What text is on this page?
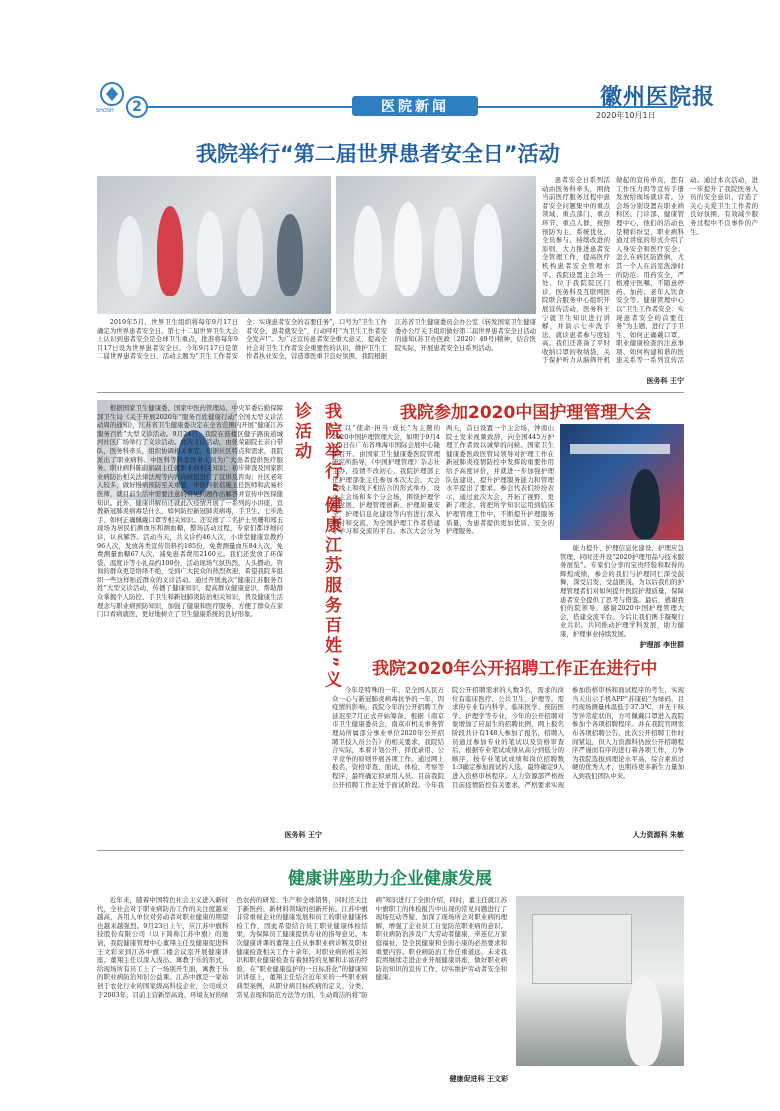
SHOSH 2	医院新闻	徽州医院报
2020年10月1日
我院举行“第二届世界患者安全日”活动
2019年5月，世界卫生组织将每年9月17日确定为世界患者安全日。第七十二届世界卫生大会上认识到患者安全是全球卫生重点，批准将每年9月17日设为世界患者安全日。今年9月17日是第二届世界患者安全日，活动主题为“卫生工作者安全：实现患者安全的首要任务”，口号为“卫生工作者安全，患者就安全”，行动呼吁“为卫生工作者安全发声!”。为广泛宣传患者安全重大意义，提高全社会对卫生工作者安全重要性的认识，维护卫生工作者执业安全，营造尊医重卫良好氛围，我院根据江苏省卫生健康委员会办公室《转发国家卫生健康委办公厅关于组织做好第二届世界患者安全日活动的通知(苏卫办医政〔2020〕49号)精神，结合医院实际，开展患者安全日系列活动。
患者安全日系列活动由医务科牵头，围绕当前医疗服务过程中患者安全问题集中的重点领域、重点部门、重点环节、重点人群，按照预防为主、系统优化、全员参与、持续改进的原则，大力推进患者安全管理工作，提高医疗机构患者安全管理水平。我院设置主会场一处，位于我院院区门诊，医务科及互联网医院联合服务中心组织开展宣传活动，医务科王宁就卫生知识进行讲解，并演示七步洗手法，就诊患者参与度较高。我们还准备了平时收纳口罩的收纳袋，关于保护听力从脑筛开机做起的宣传单页，您有工作压力吗等宣传手册发放给现场就诊者。分会场分别设置在职业病科区、门诊部、健康管理中心，他们的活动也是精彩纷呈，职业病科通过讲座的形式介绍了人身安全和医疗安全；怎么在病区防跌倒，尤其一个人在浴室洗澡时的防范；用药安全，严格遵守医嘱，不随意停药、加药；老年人饮食安全等。健康管理中心以“卫生工作者安全：实现患者安全的首要任务”为主题，进行了手卫生、如何正确戴口罩、职业健康检查的注意事项、如何构建和谐的医患关系等一系列宣传活动。通过本次活动，进一步提升了我院医务人员的安全意识，营造了关心关爱卫生工作者的良好氛围，有效减少服务过程中不良事件的产生。
医务科 王宁
根据国家卫生健康委、国家中医药管理局、中央军委后勤保障部卫生局《关于开展2020年“服务百姓健康行动”全国大型义诊活动周的通知》，江苏省卫生健康委决定在全省范围内开展“健康江苏服务百姓”大型义诊活动。9月24日，我院在鼓楼区健子路街道城河社区广场举行了义诊活动。此次义诊活动，由张荣副院长亲自带队，医务科牵头，组织协调相关事宜。根据社区特点和需求，我院派出了职业病科、中医科等科室医务人员为广大患者提供医疗服务。职业病科陈蔚娟副主任就职业病相关知识、初步筛查及国家职业病防治相关法律法规等内容向居民进行了宣讲及咨询；社区老年人较多，做好慢病预防至关重要，中医科张蓓施主任医师和武易杉医师，就目前生活中需要注意的常见问题作出解答并宣传中医保健知识。此外，健康讲解员还就此次疫情开展了一系列的小讲座，宣教新冠肺炎病毒是什么，如何防控新冠肺炎病毒，手卫生、七步洗手、如何正确佩戴口罩等相关知识。还安排了二名护士吴珊和郑玉现场为居民们测血压和测血糖，整场活动过程，专家们都详细问诊，认真解答。活动当天，共义诊约46人次，小讲堂健康宣教约96人次，发放各类宣传资料约185份，免费测量血压84人次，免费测量血糖67人次，减免患者费用2160元。我们还发放了环保袋、温度计等小礼品约100份，活动现场气氛热烈，人头攒动，咨询的群众更是络绎不绝，受到广大民众的热烈欢迎，希望我院多组织一些这样贴近群众的义诊活动。通过开展此次“健康江苏服务百姓”大型义诊活动，传播了健康知识，提高群众健康意识，帮助群众掌握个人防控、手卫生和新冠肺炎防治相关知识，普及健康生活理念与职业病预防知识，加强了健康和医疗服务，方便了群众在家门口看病就医，更好地树立了卫生健康系统的良好形象。	我院举行“健康江苏服务百姓”义诊活动
医务科 王宁
我院参加2020中国护理管理大会
以“使命·担当·成长”为主题的2020中国护理管理大会，如期于9月4～5日在广东省珠海市国际会展中心隆重召开。由国家卫生健康委医院管理研究所指导，《中国护理管理》杂志社主办，疫情不改初心，我院护理部主任护理部张主任参加本次大会。大会以线上和线下相结合的形式举办，设立主会场和多个分会场，围绕护理学科发展、护理管理创新、护理质量安全、护理信息化建设等内容进行深入研讨和交流，为全国护理工作者搭建了学习和交流的平台。本次大会分为两天，首日设置一个主会场，钟南山院士发来视频致辞，向全国445万护理工作者致以诚挚的问候。国家卫生健康委医政医管局领导对护理工作在新冠肺炎疫情防控中发挥的重要作用给予高度评价，并就进一步加强护理队伍建设、提升护理服务能力和管理水平提出了要求。参会代表们纷纷表示，通过此次大会，开拓了视野，更新了理念，将把所学知识运用到临床护理管理工作中，不断提升护理服务质量，为患者提供更加优质、安全的护理服务。
能力提升、护理信息化建设、护理应急管理、同时还开设“2020护理用品与技术服务展览”。专家们分享的宝贵经验和取得的辉煌成绩，参会的我们与护理同仁深受鼓舞，深受启发，受益匪浅。为以后我们的护理管理者们对如何提升医院护理质量，保障患者安全提供了思考与借鉴。最后，感谢我们的院领导，感谢2020中国护理管理大会，搭建交流平台。今后让我们携手凝聚行业共识，共同推动护理学科发展，助力健康，护理事业持续发展。
护理部 李世群
我院2020年公开招聘工作正在进行中
今年是特殊的一年，是全国人民万众一心与新冠肺炎病毒抗争的一年，因疫情的影响，我院今年的公开招聘工作延迟至7月正式开始筹备。根据《南京市卫生健康委员会，南京市机关事务管理局所属部分事业单位2020年公开招聘卫技人员公告》的相关要求，我院结合实际，本着计划公开、择优录用、公平竞争的原则开展各项工作。通过网上报名、资格审查、面试、体检、考察等程序，最终确定拟录用人员。目前我院公开招聘工作正处于面试阶段。今年我院公开招聘需求的人数3名，需求的岗位有临床医疗、公共卫生、护理等。需求的专业有内科学、临床医学、预防医学、护理学等专业，今年的公开招聘对象增加了应届生的招聘比例，网上报名阶段共计有148人参加了报名，招聘人员通过参加专业的笔试以及资格审查后，根据专业笔试成绩从高分到低分的顺序，按专业笔试成绩和岗位招聘数1:3确定参加面试的人选，最终确定9人进入资格审核程序。人力资源部严格按目前疫情防控有关要求，严格要求实现参加资格审核和面试程序的考生，实现当天出示手机APP“苏康码”为绿码，且经现场测量体温低于37.3℃，并无干咳等异常症状的，方可佩戴口罩进入我院参加个各项招聘程序。并在我院官网发布各项招聘公告。此次公开招聘工作时间紧迫，但人力资源科仍按公开招聘程序严谨而有序的进行着各项工作，力争为我院选拔到理论水平高，综合素质过硬的优秀人才，也期待更多新生力量加入到我们团队中来。
人力资源科 朱敏
健康讲座助力企业健康发展
近年来，随着中国特色社会主义进入新时代，全社会对于职业病防治工作的关注度越来越高，各用人单位对劳动者对职业健康的期望也越来越强烈。9月23日上午，应江苏中旗科技股份有限公司（以下简称江苏中旗）的邀请，我院健康管理中心董翔主任及健康促进科王文彩来到江苏中旗二楼会议室开展健康讲座。董翔主任以深入浅出、寓教于乐的形式，给现场所有员工上了一场别开生面，寓教于乐的职业病防治知识公益课。江苏中旗是一家始创于农化行业的国家级高科技企业，公司成立于2003年，目前主营新型高效、环境友好的绿色农药的研发、生产和全球销售，同时还关注于新医药、新材料领域的创新开拓。江苏中旗非常重视企业的健康发展和员工的职业健康体检工作，因此希望结合员工职业健康体检结果，为保障员工健康提供专业的指导意见。本次健康讲课的董翔主任从事职业病诊断及职业健康检查相关工作十余年，对职业病的相关知识和职业健康检查有着独特的见解和丰富的经验，在“职业健康监护的一日标准化”的健康知识讲座上，董翔主任结合近年来的一些职业病典型案例，从职业病目标疾病的定义、分类、常见表现和防范方法等方面，生动简洁的将“防病”知识进行了全面介绍，同时，董主任就江苏中旗职工的体检报告中出现的常见问题进行了现场互动答疑，加深了现场所会对职业病的理解，增强了企业员工自觉防范职业病的意识。职业病防治涉及广大劳动者健康，牵连亿万家庭福祉，是全民健康和全面小康的必然要求和重要内容。职业病防治工作任重道远，未来我院将继续走进企业开展健康讲座，做好职业病防治知识的宣传工作，切实维护劳动者安全和健康。
健康促进科 王文彩
